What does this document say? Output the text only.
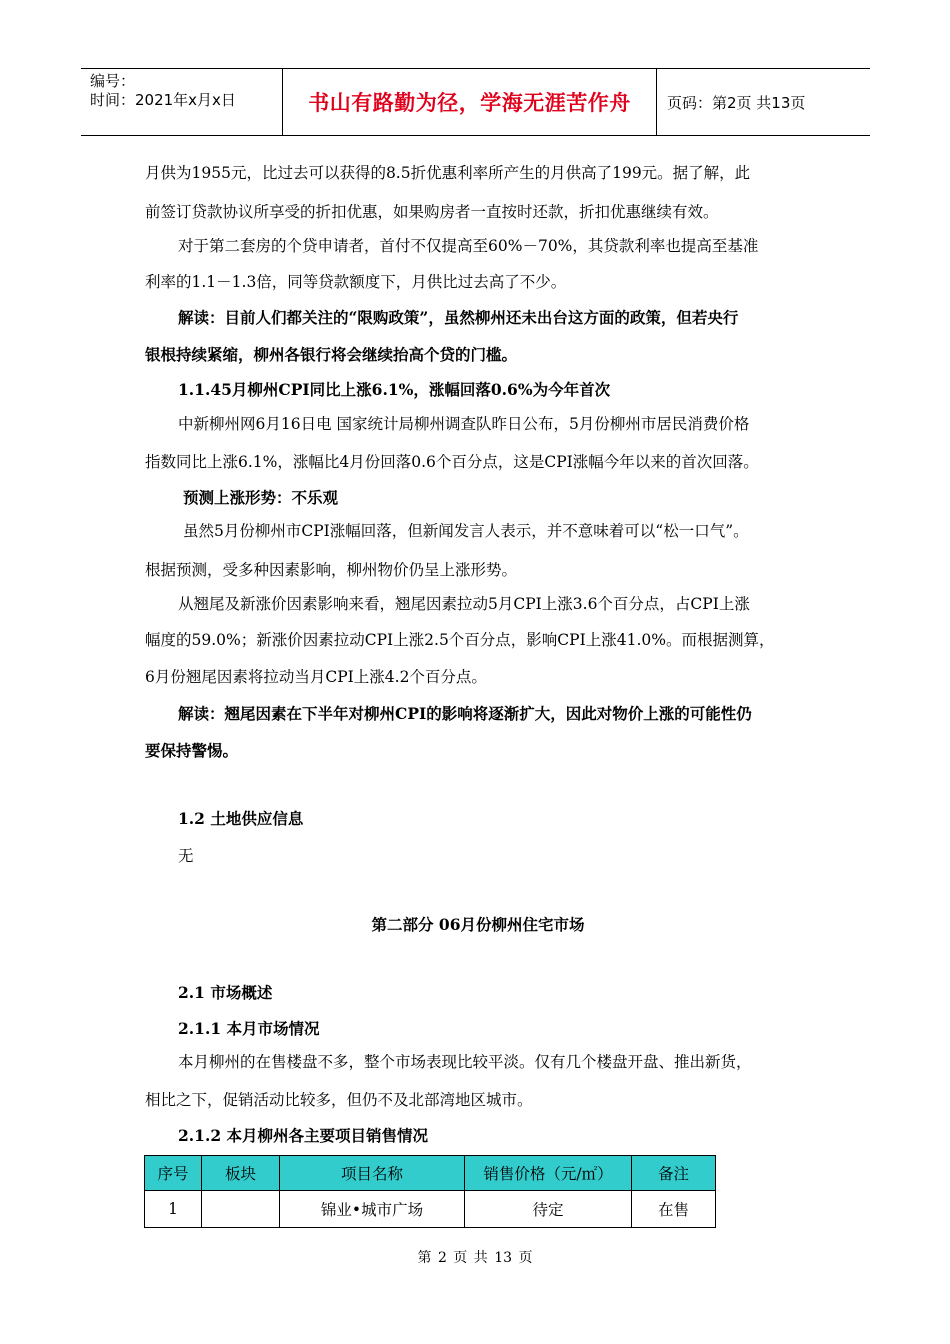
编号：
时间：2021年x月x日	书山有路勤为径，学海无涯苦作舟	页码：第2页 共13页
月供为1955元，比过去可以获得的8.5折优惠利率所产生的月供高了199元。据了解，此
前签订贷款协议所享受的折扣优惠，如果购房者一直按时还款，折扣优惠继续有效。
对于第二套房的个贷申请者，首付不仅提高至60%－70%，其贷款利率也提高至基准
利率的1.1－1.3倍，同等贷款额度下，月供比过去高了不少。
解读：目前人们都关注的“限购政策”，虽然柳州还未出台这方面的政策，但若央行
银根持续紧缩，柳州各银行将会继续抬高个贷的门槛。
1.1.45月柳州CPI同比上涨6.1%，涨幅回落0.6%为今年首次
中新柳州网6月16日电 国家统计局柳州调查队昨日公布，5月份柳州市居民消费价格
指数同比上涨6.1%，涨幅比4月份回落0.6个百分点，这是CPI涨幅今年以来的首次回落。
预测上涨形势：不乐观
虽然5月份柳州市CPI涨幅回落，但新闻发言人表示，并不意味着可以“松一口气”。
根据预测，受多种因素影响，柳州物价仍呈上涨形势。
从翘尾及新涨价因素影响来看，翘尾因素拉动5月CPI上涨3.6个百分点，占CPI上涨
幅度的59.0%；新涨价因素拉动CPI上涨2.5个百分点，影响CPI上涨41.0%。而根据测算，
6月份翘尾因素将拉动当月CPI上涨4.2个百分点。
解读：翘尾因素在下半年对柳州CPI的影响将逐渐扩大，因此对物价上涨的可能性仍
要保持警惕。
1.2 土地供应信息
无
第二部分 06月份柳州住宅市场
2.1 市场概述
2.1.1 本月市场情况
本月柳州的在售楼盘不多，整个市场表现比较平淡。仅有几个楼盘开盘、推出新货，
相比之下，促销活动比较多，但仍不及北部湾地区城市。
2.1.2 本月柳州各主要项目销售情况
序号	板块	项目名称	销售价格（元/㎡）	备注
1		锦业•城市广场	待定	在售
第 2 页 共 13 页
